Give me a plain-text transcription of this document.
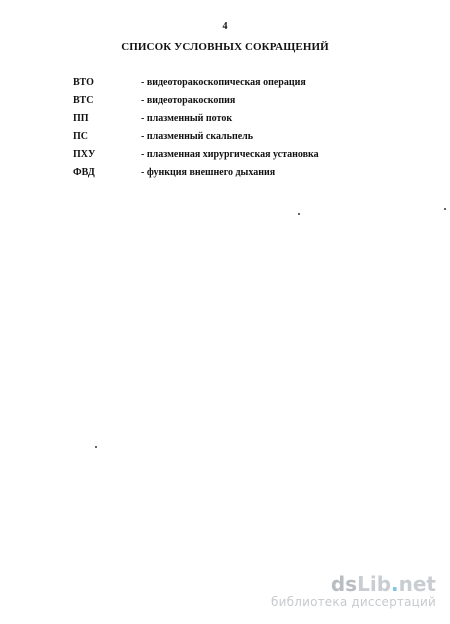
4
СПИСОК УСЛОВНЫХ СОКРАЩЕНИЙ
ВТО	- видеоторакоскопическая операция
ВТС	- видеоторакоскопия
ПП	- плазменный поток
ПС	- плазменный скальпель
ПХУ	- плазменная хирургическая установка
ФВД	- функция внешнего дыхания
dsLib.net
библиотека диссертаций
